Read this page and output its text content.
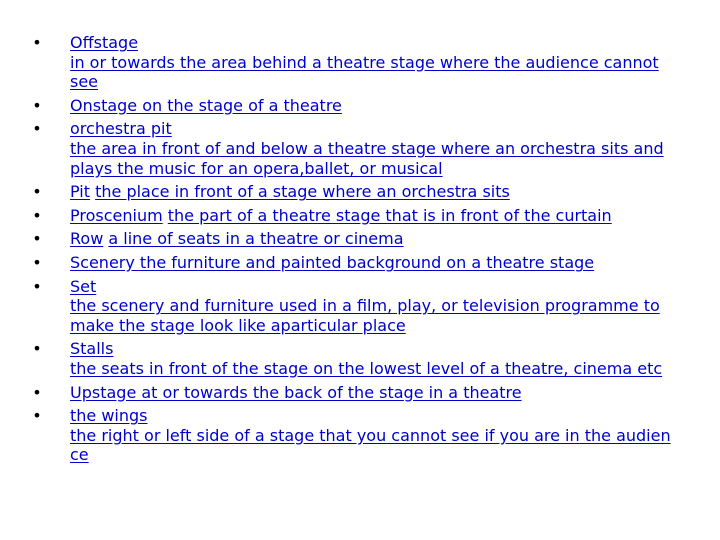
• Offstage
in or towards the area behind a theatre stage where the audience cannot see
• Onstage on the stage of a theatre
• orchestra pit
the area in front of and below a theatre stage where an orchestra sits and plays the music for an opera,ballet, or musical
• Pit the place in front of a stage where an orchestra sits
• Proscenium the part of a theatre stage that is in front of the curtain
• Row a line of seats in a theatre or cinema
• Scenery the furniture and painted background on a theatre stage
• Set
the scenery and furniture used in a film, play, or television programme to make the stage look like aparticular place
• Stalls
the seats in front of the stage on the lowest level of a theatre, cinema etc
• Upstage at or towards the back of the stage in a theatre
• the wings
the right or left side of a stage that you cannot see if you are in the audien ce
